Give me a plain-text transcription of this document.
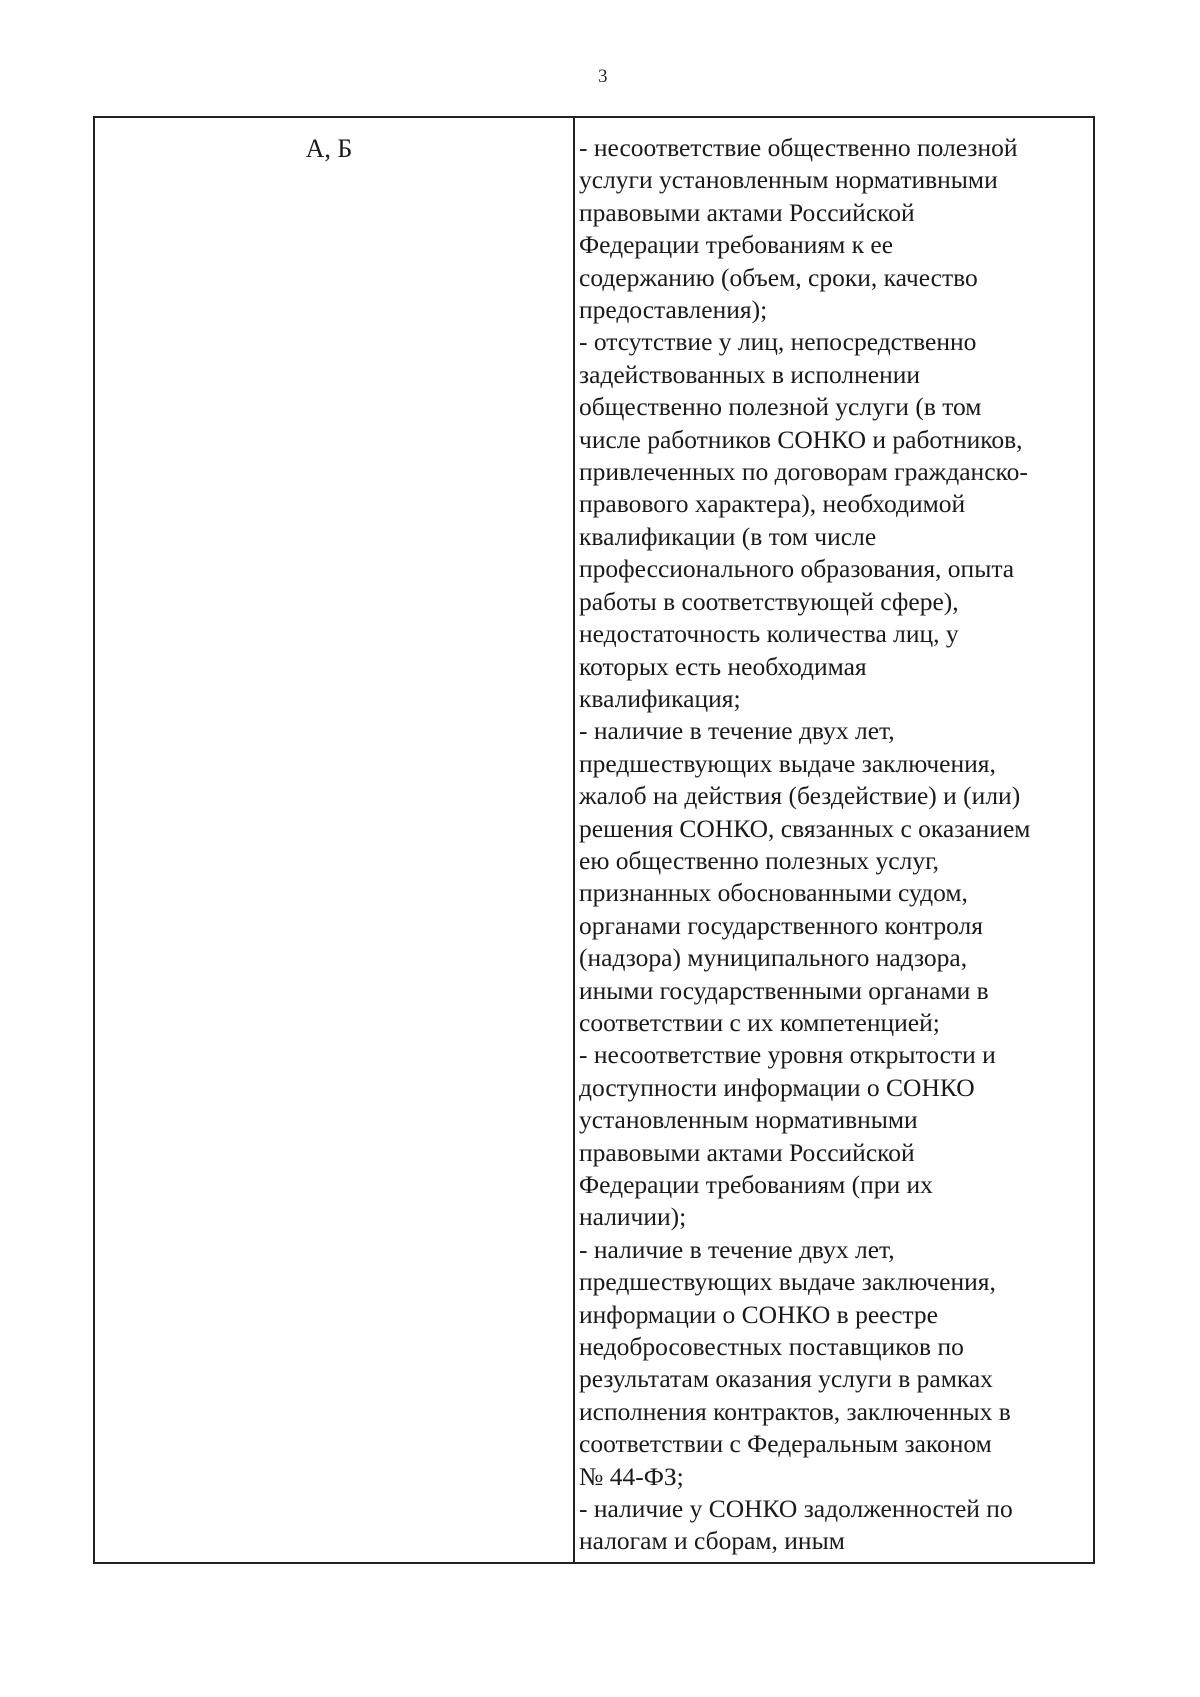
3
А, Б	- несоответствие общественно полезной
услуги установленным нормативными
правовыми актами Российской
Федерации требованиям к ее
содержанию (объем, сроки, качество
предоставления);
- отсутствие у лиц, непосредственно
задействованных в исполнении
общественно полезной услуги (в том
числе работников СОНКО и работников,
привлеченных по договорам гражданско-
правового характера), необходимой
квалификации (в том числе
профессионального образования, опыта
работы в соответствующей сфере),
недостаточность количества лиц, у
которых есть необходимая
квалификация;
- наличие в течение двух лет,
предшествующих выдаче заключения,
жалоб на действия (бездействие) и (или)
решения СОНКО, связанных с оказанием
ею общественно полезных услуг,
признанных обоснованными судом,
органами государственного контроля
(надзора) муниципального надзора,
иными государственными органами в
соответствии с их компетенцией;
- несоответствие уровня открытости и
доступности информации о СОНКО
установленным нормативными
правовыми актами Российской
Федерации требованиям (при их
наличии);
- наличие в течение двух лет,
предшествующих выдаче заключения,
информации о СОНКО в реестре
недобросовестных поставщиков по
результатам оказания услуги в рамках
исполнения контрактов, заключенных в
соответствии с Федеральным законом
№ 44-ФЗ;
- наличие у СОНКО задолженностей по
налогам и сборам, иным
